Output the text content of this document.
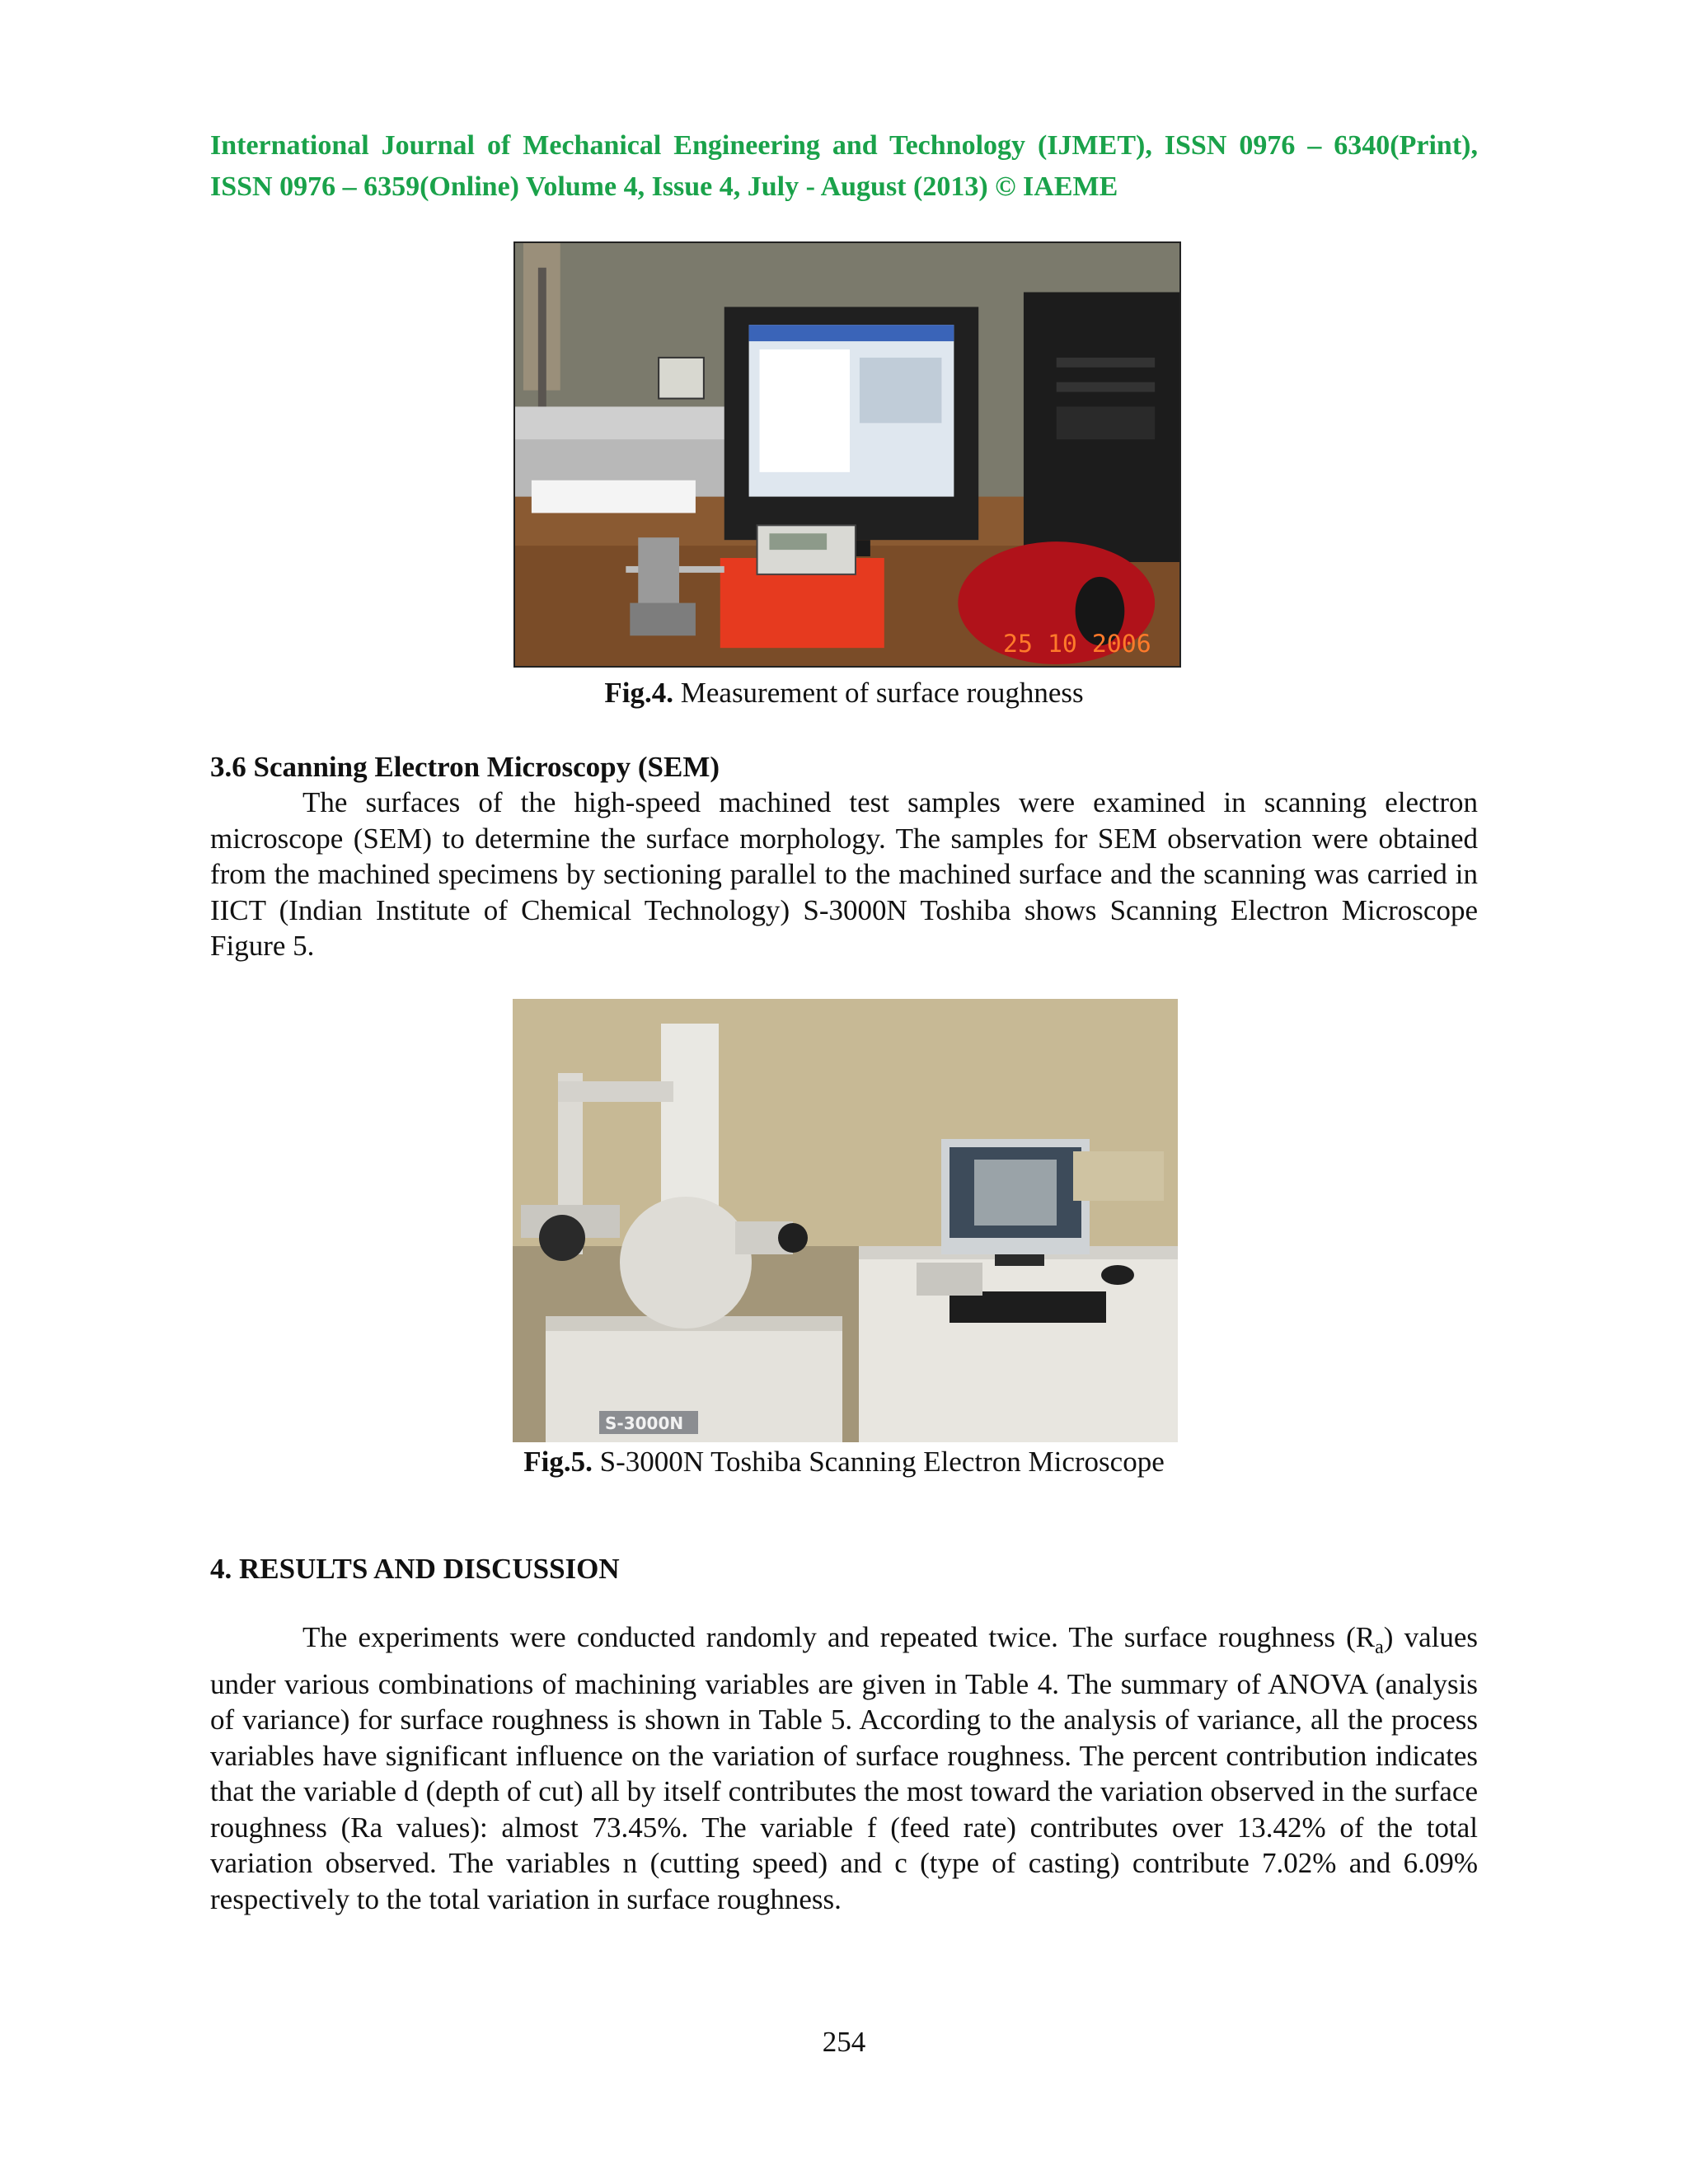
International Journal of Mechanical Engineering and Technology (IJMET), ISSN 0976 – 6340(Print), ISSN 0976 – 6359(Online) Volume 4, Issue 4, July - August (2013) © IAEME
25 10 2006
Fig.4. Measurement of surface roughness
3.6 Scanning Electron Microscopy (SEM)

The surfaces of the high-speed machined test samples were examined in scanning electron microscope (SEM) to determine the surface morphology. The samples for SEM observation were obtained from the machined specimens by sectioning parallel to the machined surface and the scanning was carried in IICT (Indian Institute of Chemical Technology) S-3000N Toshiba shows Scanning Electron Microscope Figure 5.

S-3000N
Fig.5. S-3000N Toshiba Scanning Electron Microscope
4. RESULTS AND DISCUSSION

The experiments were conducted randomly and repeated twice. The surface roughness $(R_a)$ values under various combinations of machining variables are given in Table 4. The summary of ANOVA (analysis of variance) for surface roughness is shown in Table 5. According to the analysis of variance, all the process variables have significant influence on the variation of surface roughness. The percent contribution indicates that the variable d (depth of cut) all by itself contributes the most toward the variation observed in the surface roughness (Ra values): almost 73.45%. The variable f (feed rate) contributes over 13.42% of the total variation observed. The variables n (cutting speed) and c (type of casting) contribute 7.02% and 6.09% respectively to the total variation in surface roughness.

254
